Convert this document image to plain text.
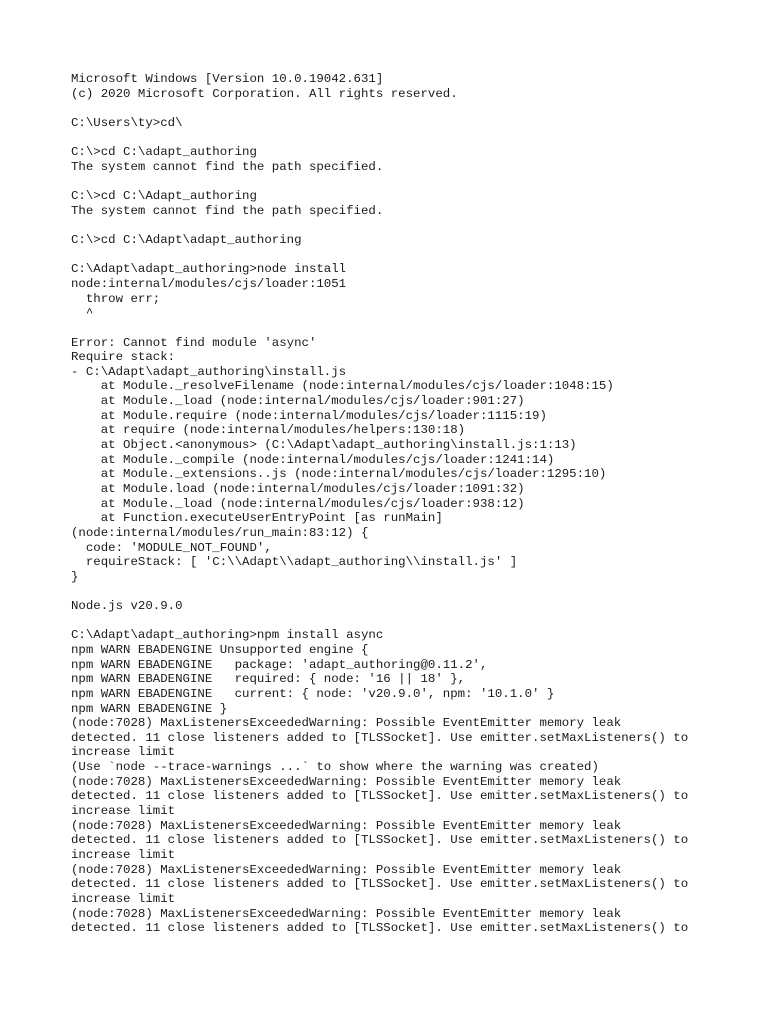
Microsoft Windows [Version 10.0.19042.631]
(c) 2020 Microsoft Corporation. All rights reserved.
C:\Users\ty>cd\
C:\>cd C:\adapt_authoring
The system cannot find the path specified.
C:\>cd C:\Adapt_authoring
The system cannot find the path specified.
C:\>cd C:\Adapt\adapt_authoring
C:\Adapt\adapt_authoring>node install
node:internal/modules/cjs/loader:1051
throw err;
^
Error: Cannot find module 'async'
Require stack:
- C:\Adapt\adapt_authoring\install.js
at Module._resolveFilename (node:internal/modules/cjs/loader:1048:15)
at Module._load (node:internal/modules/cjs/loader:901:27)
at Module.require (node:internal/modules/cjs/loader:1115:19)
at require (node:internal/modules/helpers:130:18)
at Object.<anonymous> (C:\Adapt\adapt_authoring\install.js:1:13)
at Module._compile (node:internal/modules/cjs/loader:1241:14)
at Module._extensions..js (node:internal/modules/cjs/loader:1295:10)
at Module.load (node:internal/modules/cjs/loader:1091:32)
at Module._load (node:internal/modules/cjs/loader:938:12)
at Function.executeUserEntryPoint [as runMain]
(node:internal/modules/run_main:83:12) {
code: 'MODULE_NOT_FOUND',
requireStack: [ 'C:\\Adapt\\adapt_authoring\\install.js' ]
}
Node.js v20.9.0
C:\Adapt\adapt_authoring>npm install async
npm WARN EBADENGINE Unsupported engine {
npm WARN EBADENGINE   package: 'adapt_authoring@0.11.2',
npm WARN EBADENGINE   required: { node: '16 || 18' },
npm WARN EBADENGINE   current: { node: 'v20.9.0', npm: '10.1.0' }
npm WARN EBADENGINE }
(node:7028) MaxListenersExceededWarning: Possible EventEmitter memory leak
detected. 11 close listeners added to [TLSSocket]. Use emitter.setMaxListeners() to
increase limit
(Use `node --trace-warnings ...` to show where the warning was created)
(node:7028) MaxListenersExceededWarning: Possible EventEmitter memory leak
detected. 11 close listeners added to [TLSSocket]. Use emitter.setMaxListeners() to
increase limit
(node:7028) MaxListenersExceededWarning: Possible EventEmitter memory leak
detected. 11 close listeners added to [TLSSocket]. Use emitter.setMaxListeners() to
increase limit
(node:7028) MaxListenersExceededWarning: Possible EventEmitter memory leak
detected. 11 close listeners added to [TLSSocket]. Use emitter.setMaxListeners() to
increase limit
(node:7028) MaxListenersExceededWarning: Possible EventEmitter memory leak
detected. 11 close listeners added to [TLSSocket]. Use emitter.setMaxListeners() to
